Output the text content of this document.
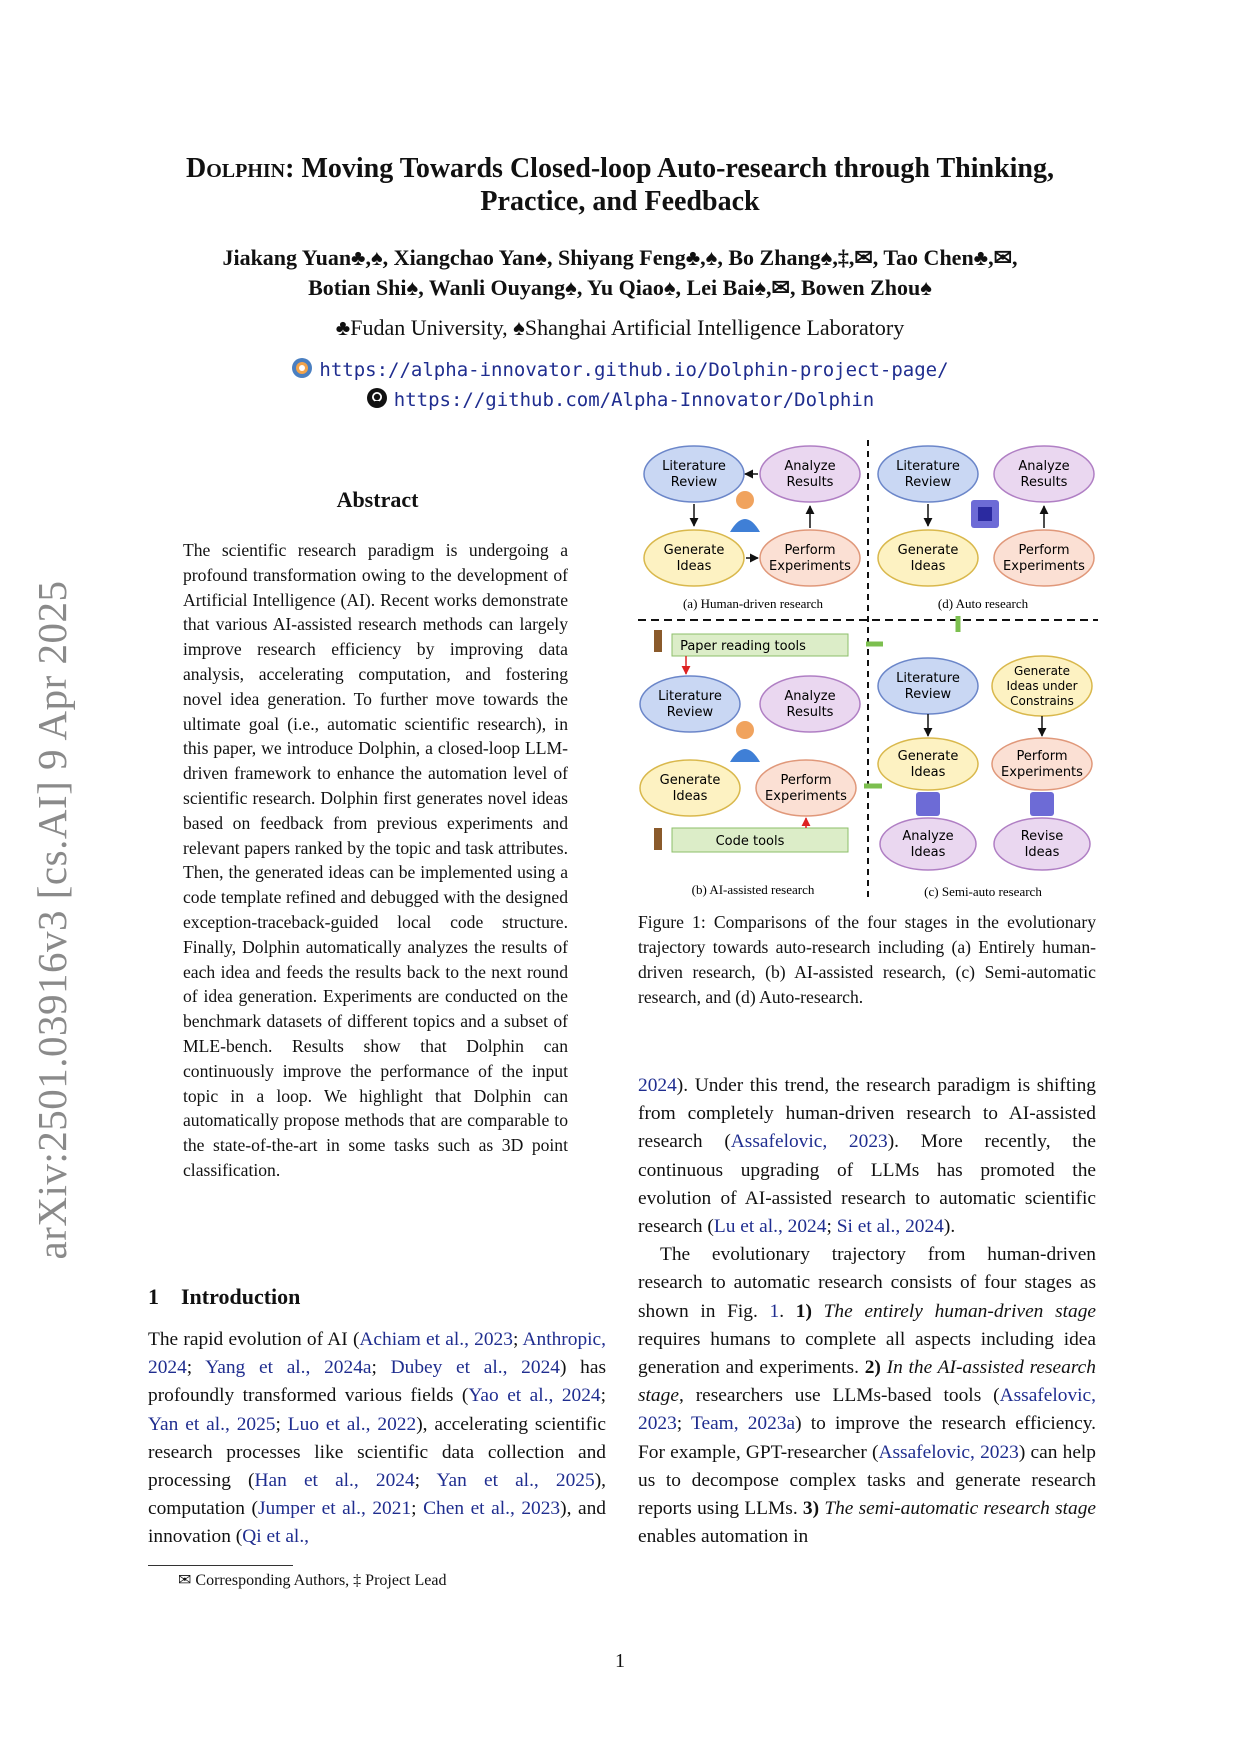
arXiv:2501.03916v3 [cs.AI] 9 Apr 2025
Dolphin: Moving Towards Closed-loop Auto-research through Thinking,
Practice, and Feedback
Jiakang Yuan♣,♠, Xiangchao Yan♠, Shiyang Feng♣,♠, Bo Zhang♠,‡,✉, Tao Chen♣,✉,
Botian Shi♠, Wanli Ouyang♠, Yu Qiao♠, Lei Bai♠,✉, Bowen Zhou♠
♣Fudan University, ♠Shanghai Artificial Intelligence Laboratory
https://alpha-innovator.github.io/Dolphin-project-page/
https://github.com/Alpha-Innovator/Dolphin
Abstract
The scientific research paradigm is undergoing a profound transformation owing to the development of Artificial Intelligence (AI). Recent works demonstrate that various AI-assisted research methods can largely improve research efficiency by improving data analysis, accelerating computation, and fostering novel idea generation. To further move towards the ultimate goal (i.e., automatic scientific research), in this paper, we introduce Dolphin, a closed-loop LLM-driven framework to enhance the automation level of scientific research. Dolphin first generates novel ideas based on feedback from previous experiments and relevant papers ranked by the topic and task attributes. Then, the generated ideas can be implemented using a code template refined and debugged with the designed exception-traceback-guided local code structure. Finally, Dolphin automatically analyzes the results of each idea and feeds the results back to the next round of idea generation. Experiments are conducted on the benchmark datasets of different topics and a subset of MLE-bench. Results show that Dolphin can continuously improve the performance of the input topic in a loop. We highlight that Dolphin can automatically propose methods that are comparable to the state-of-the-art in some tasks such as 3D point classification.
1 Introduction
The rapid evolution of AI (Achiam et al., 2023; Anthropic, 2024; Yang et al., 2024a; Dubey et al., 2024) has profoundly transformed various fields (Yao et al., 2024; Yan et al., 2025; Luo et al., 2022), accelerating scientific research processes like scientific data collection and processing (Han et al., 2024; Yan et al., 2025), computation (Jumper et al., 2021; Chen et al., 2023), and innovation (Qi et al.,
✉ Corresponding Authors, ‡ Project Lead
Literature
Review
Analyze
Results
Generate
Ideas
Perform
Experiments
(a) Human-driven research
Literature
Review
Analyze
Results
Generate
Ideas
Perform
Experiments
(d) Auto research
Paper reading tools
Literature
Review
Analyze
Results
Generate
Ideas
Perform
Experiments
Code tools
(b) AI-assisted research
Literature
Review
Generate
Ideas under
Constrains
Generate
Ideas
Perform
Experiments
Analyze
Ideas
Revise
Ideas
(c) Semi-auto research
Figure 1: Comparisons of the four stages in the evolutionary trajectory towards auto-research including (a) Entirely human-driven research, (b) AI-assisted research, (c) Semi-automatic research, and (d) Auto-research.

2024). Under this trend, the research paradigm is shifting from completely human-driven research to AI-assisted research (Assafelovic, 2023). More recently, the continuous upgrading of LLMs has promoted the evolution of AI-assisted research to automatic scientific research (Lu et al., 2024; Si et al., 2024).

The evolutionary trajectory from human-driven research to automatic research consists of four stages as shown in Fig. 1. 1) The entirely human-driven stage requires humans to complete all aspects including idea generation and experiments. 2) In the AI-assisted research stage, researchers use LLMs-based tools (Assafelovic, 2023; Team, 2023a) to improve the research efficiency. For example, GPT-researcher (Assafelovic, 2023) can help us to decompose complex tasks and generate research reports using LLMs. 3) The semi-automatic research stage enables automation in

1
